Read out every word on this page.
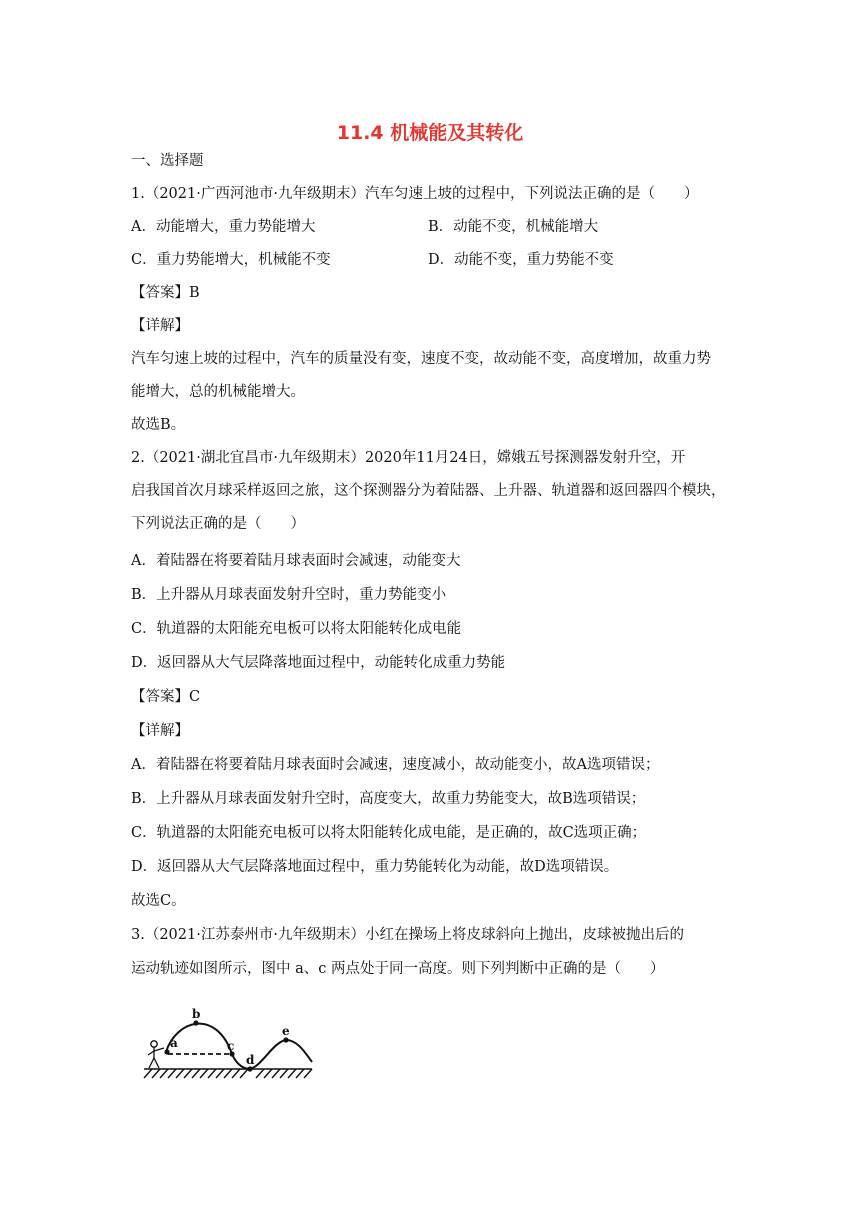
11.4 机械能及其转化
一、选择题
1.（2021·广西河池市·九年级期末）汽车匀速上坡的过程中，下列说法正确的是（　　）
A．动能增大，重力势能增大	B．动能不变，机械能增大
C．重力势能增大，机械能不变	D．动能不变，重力势能不变
【答案】B
【详解】
汽车匀速上坡的过程中，汽车的质量没有变，速度不变，故动能不变，高度增加，故重力势
能增大，总的机械能增大。
故选B。
2.（2021·湖北宜昌市·九年级期末）2020年11月24日，嫦娥五号探测器发射升空，开
启我国首次月球采样返回之旅，这个探测器分为着陆器、上升器、轨道器和返回器四个模块，
下列说法正确的是（　　）
A．着陆器在将要着陆月球表面时会减速，动能变大
B．上升器从月球表面发射升空时，重力势能变小
C．轨道器的太阳能充电板可以将太阳能转化成电能
D．返回器从大气层降落地面过程中，动能转化成重力势能
【答案】C
【详解】
A．着陆器在将要着陆月球表面时会减速，速度减小，故动能变小，故A选项错误；
B．上升器从月球表面发射升空时，高度变大，故重力势能变大，故B选项错误；
C．轨道器的太阳能充电板可以将太阳能转化成电能，是正确的，故C选项正确；
D．返回器从大气层降落地面过程中，重力势能转化为动能，故D选项错误。
故选C。
3.（2021·江苏泰州市·九年级期末）小红在操场上将皮球斜向上抛出，皮球被抛出后的
运动轨迹如图所示，图中 a、c 两点处于同一高度。则下列判断中正确的是（　　）
a
b
c
d
e
